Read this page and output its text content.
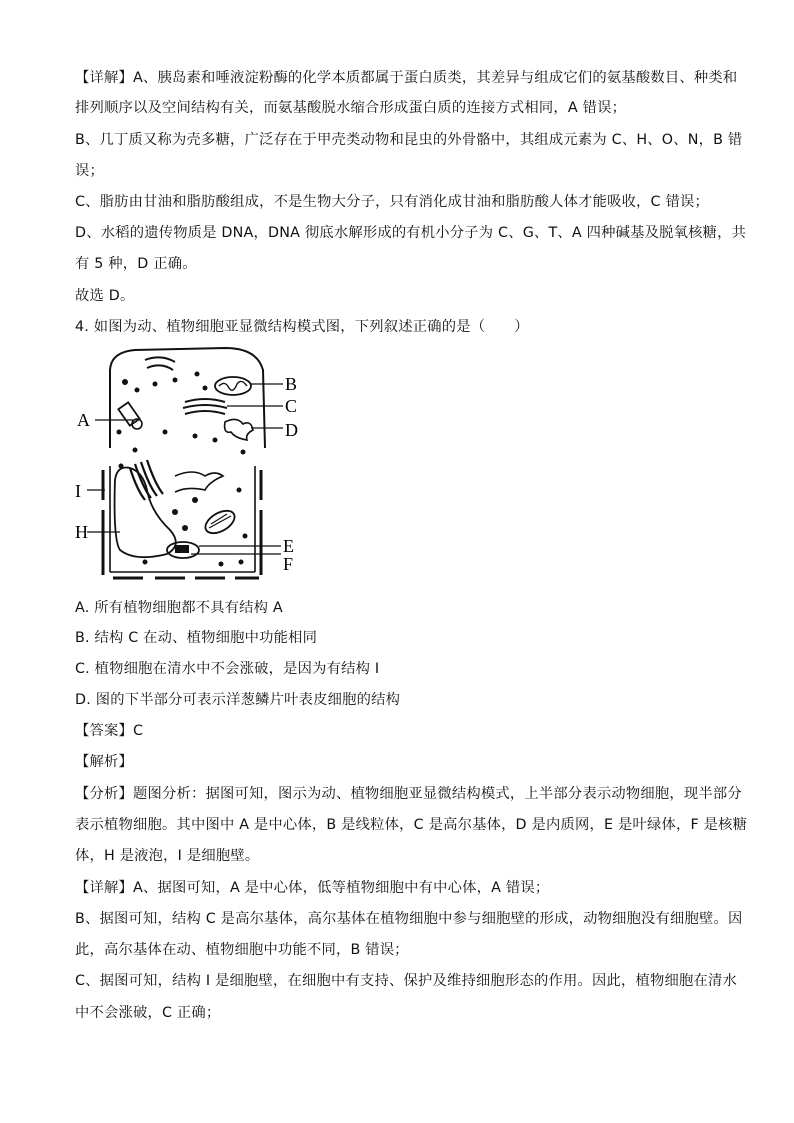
【详解】A、胰岛素和唾液淀粉酶的化学本质都属于蛋白质类，其差异与组成它们的氨基酸数目、种类和
排列顺序以及空间结构有关，而氨基酸脱水缩合形成蛋白质的连接方式相同，A 错误；
B、几丁质又称为壳多糖，广泛存在于甲壳类动物和昆虫的外骨骼中，其组成元素为 C、H、O、N，B 错
误；
C、脂肪由甘油和脂肪酸组成，不是生物大分子，只有消化成甘油和脂肪酸人体才能吸收，C 错误；
D、水稻的遗传物质是 DNA，DNA 彻底水解形成的有机小分子为 C、G、T、A 四种碱基及脱氧核糖，共
有 5 种，D 正确。
故选 D。
4. 如图为动、植物细胞亚显微结构模式图，下列叙述正确的是（　　）
A
B
C
D
I
H
E
F
A. 所有植物细胞都不具有结构 A
B. 结构 C 在动、植物细胞中功能相同
C. 植物细胞在清水中不会涨破，是因为有结构 I
D. 图的下半部分可表示洋葱鳞片叶表皮细胞的结构
【答案】C
【解析】
【分析】题图分析：据图可知，图示为动、植物细胞亚显微结构模式，上半部分表示动物细胞，现半部分
表示植物细胞。其中图中 A 是中心体，B 是线粒体，C 是高尔基体，D 是内质网，E 是叶绿体，F 是核糖
体，H 是液泡，I 是细胞壁。
【详解】A、据图可知，A 是中心体，低等植物细胞中有中心体，A 错误；
B、据图可知，结构 C 是高尔基体，高尔基体在植物细胞中参与细胞壁的形成，动物细胞没有细胞壁。因
此，高尔基体在动、植物细胞中功能不同，B 错误；
C、据图可知，结构 I 是细胞壁，在细胞中有支持、保护及维持细胞形态的作用。因此，植物细胞在清水
中不会涨破，C 正确；
